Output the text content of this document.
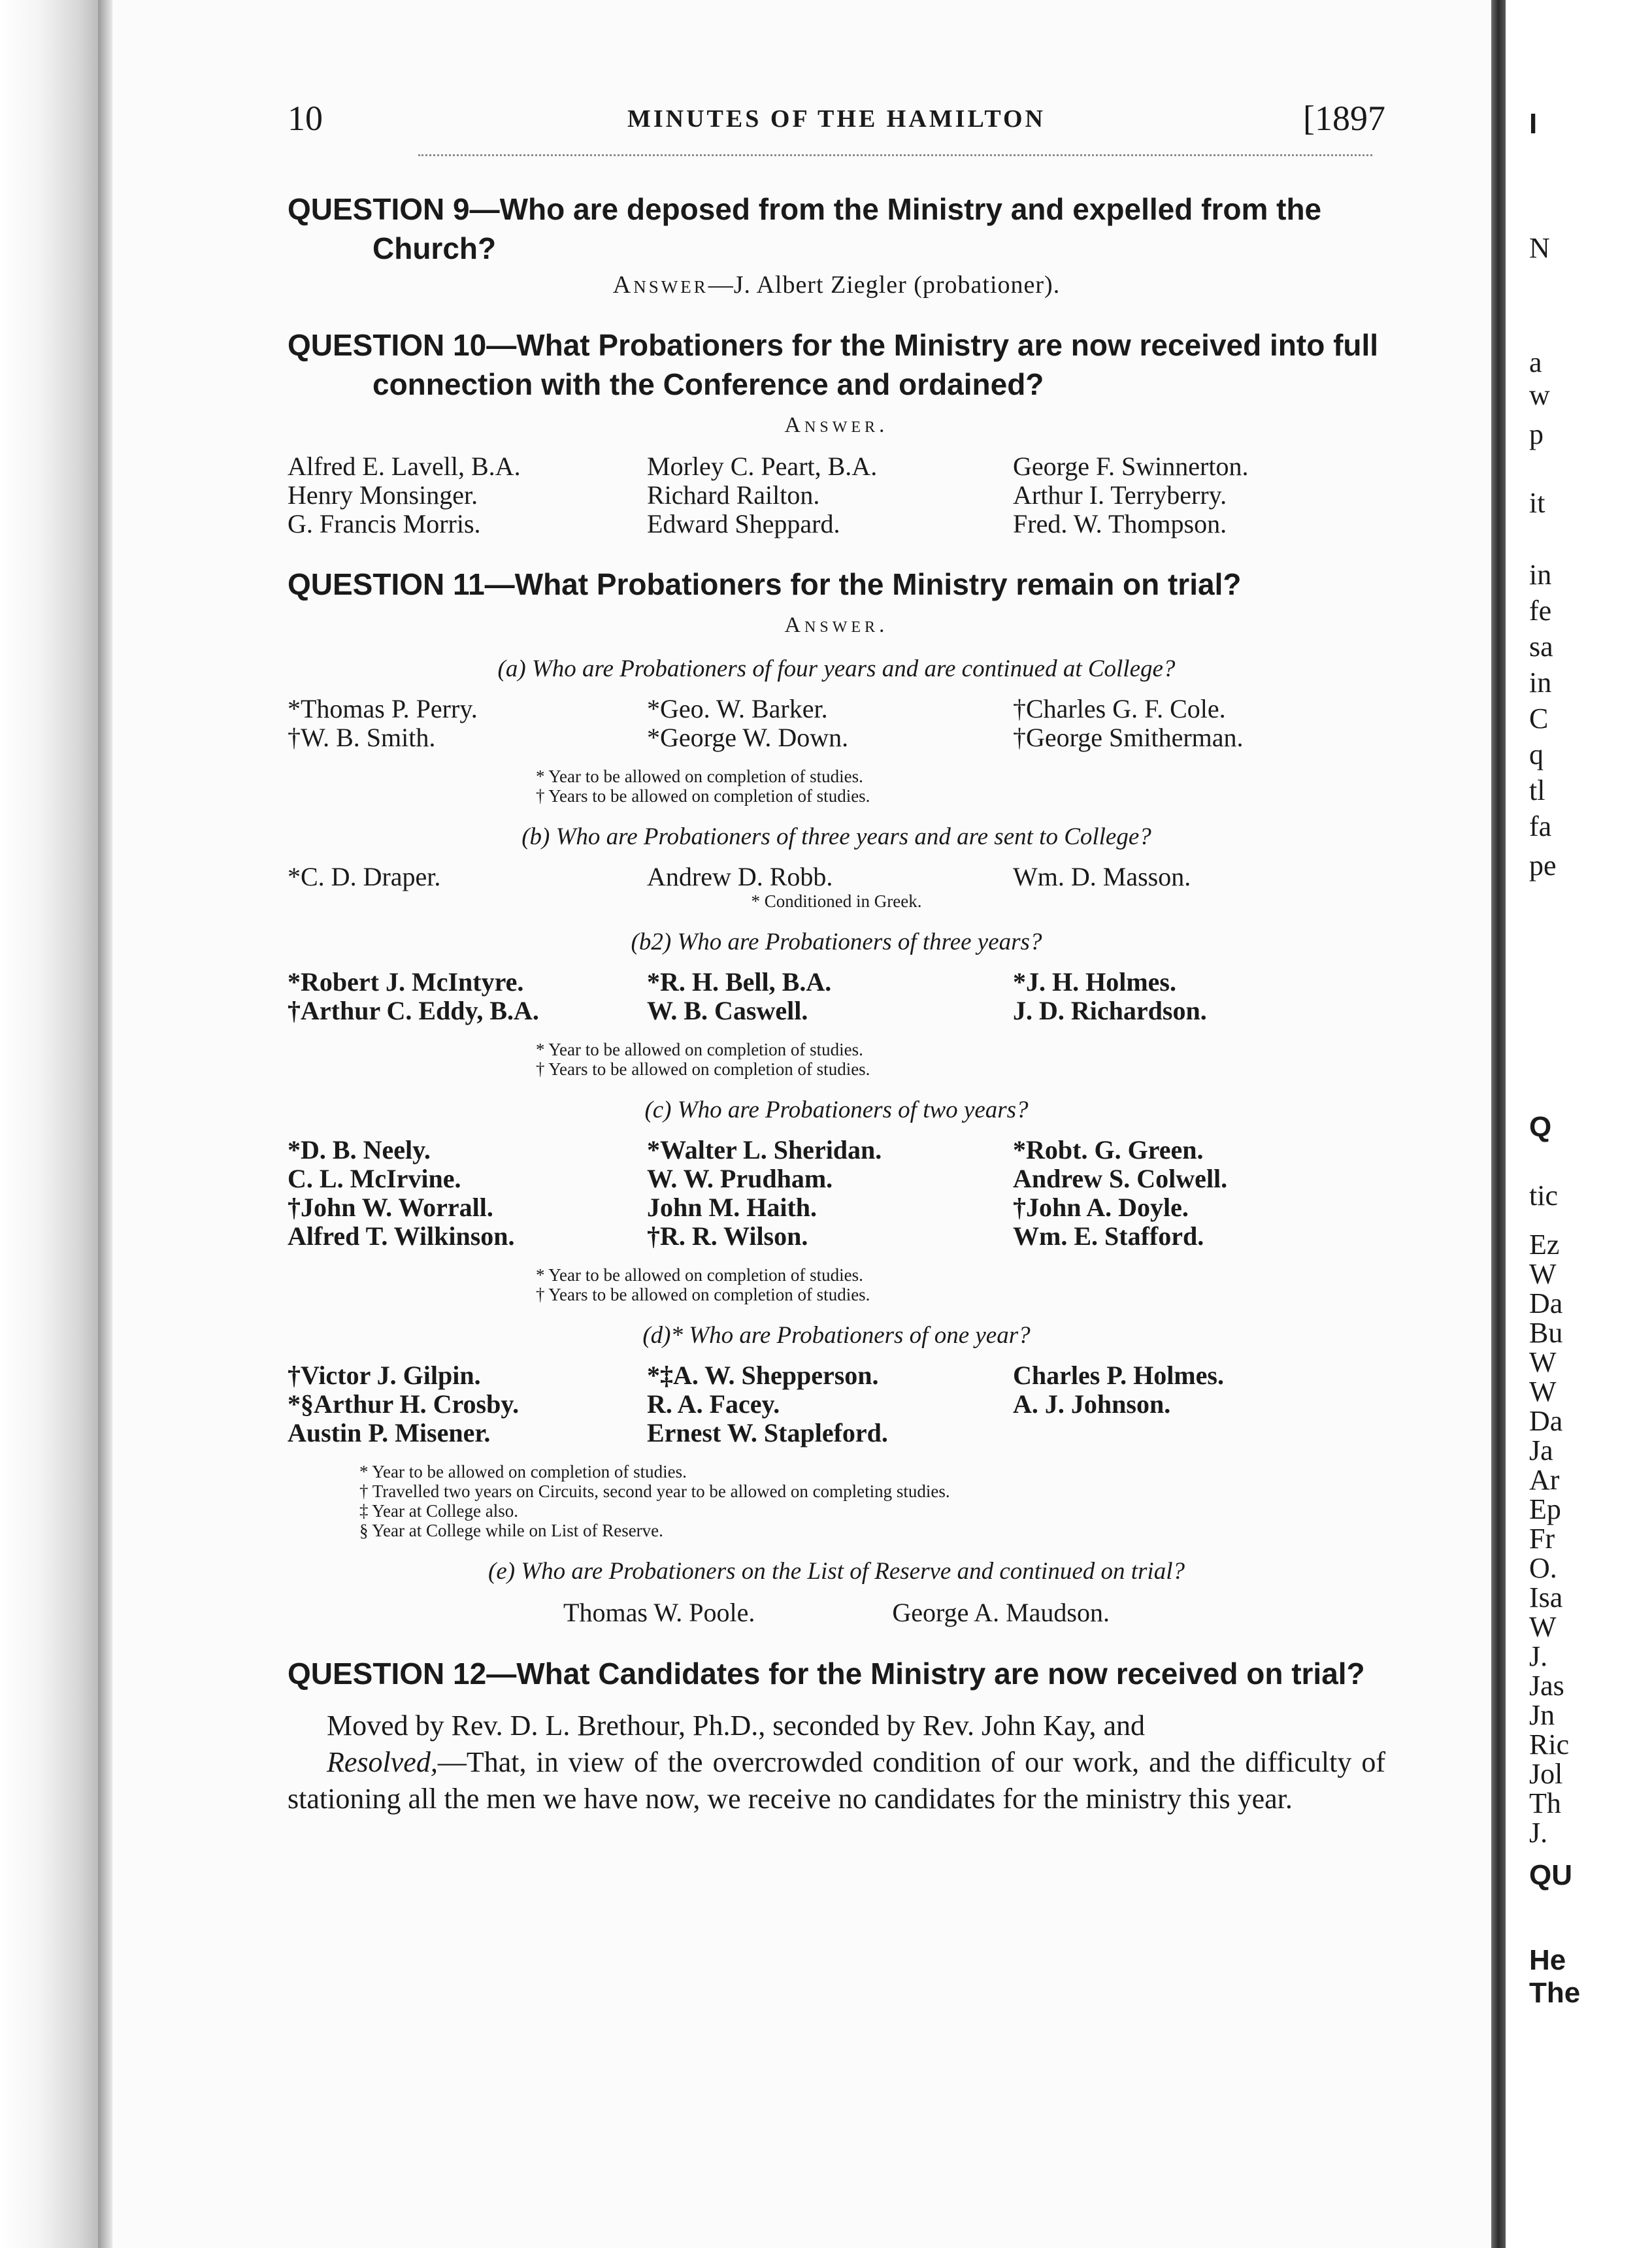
I
N
a
w
p
it
in
fe
sa
in
C
q
tl
fa
pe
Q
tic
Ez
W
Da
Bu
W
W
Da
Ja
Ar
Ep
Fr
O.
Isa
W
J.
Jas
Jn
Ric
Jol
Th
J.
QU
He
The
10	MINUTES OF THE HAMILTON	[1897
QUESTION 9—Who are deposed from the Ministry and expelled from the Church?
Answer—J. Albert Ziegler (probationer).
QUESTION 10—What Probationers for the Ministry are now received into full connection with the Conference and ordained?
Answer.
Alfred E. Lavell, B.A.	Morley C. Peart, B.A.	George F. Swinnerton.
Henry Monsinger.	Richard Railton.	Arthur I. Terryberry.
G. Francis Morris.	Edward Sheppard.	Fred. W. Thompson.
QUESTION 11—What Probationers for the Ministry remain on trial?
Answer.
(a) Who are Probationers of four years and are continued at College?
*Thomas P. Perry.	*Geo. W. Barker.	†Charles G. F. Cole.
†W. B. Smith.	*George W. Down.	†George Smitherman.
* Year to be allowed on completion of studies.
† Years to be allowed on completion of studies.
(b) Who are Probationers of three years and are sent to College?
*C. D. Draper.	Andrew D. Robb.	Wm. D. Masson.
* Conditioned in Greek.
(b2) Who are Probationers of three years?
*Robert J. McIntyre.	*R. H. Bell, B.A.	*J. H. Holmes.
†Arthur C. Eddy, B.A.	W. B. Caswell.	J. D. Richardson.
* Year to be allowed on completion of studies.
† Years to be allowed on completion of studies.
(c) Who are Probationers of two years?
*D. B. Neely.	*Walter L. Sheridan.	*Robt. G. Green.
C. L. McIrvine.	W. W. Prudham.	Andrew S. Colwell.
†John W. Worrall.	John M. Haith.	†John A. Doyle.
Alfred T. Wilkinson.	†R. R. Wilson.	Wm. E. Stafford.
* Year to be allowed on completion of studies.
† Years to be allowed on completion of studies.
(d)* Who are Probationers of one year?
†Victor J. Gilpin.	*‡A. W. Shepperson.	Charles P. Holmes.
*§Arthur H. Crosby.	R. A. Facey.	A. J. Johnson.
Austin P. Misener.	Ernest W. Stapleford.
* Year to be allowed on completion of studies.
† Travelled two years on Circuits, second year to be allowed on completing studies.
‡ Year at College also.
§ Year at College while on List of Reserve.
(e) Who are Probationers on the List of Reserve and continued on trial?
Thomas W. Poole.	George A. Maudson.
QUESTION 12—What Candidates for the Ministry are now received on trial?
Moved by Rev. D. L. Brethour, Ph.D., seconded by Rev. John Kay, and
Resolved,—That, in view of the overcrowded condition of our work, and the difficulty of stationing all the men we have now, we receive no candidates for the ministry this year.
